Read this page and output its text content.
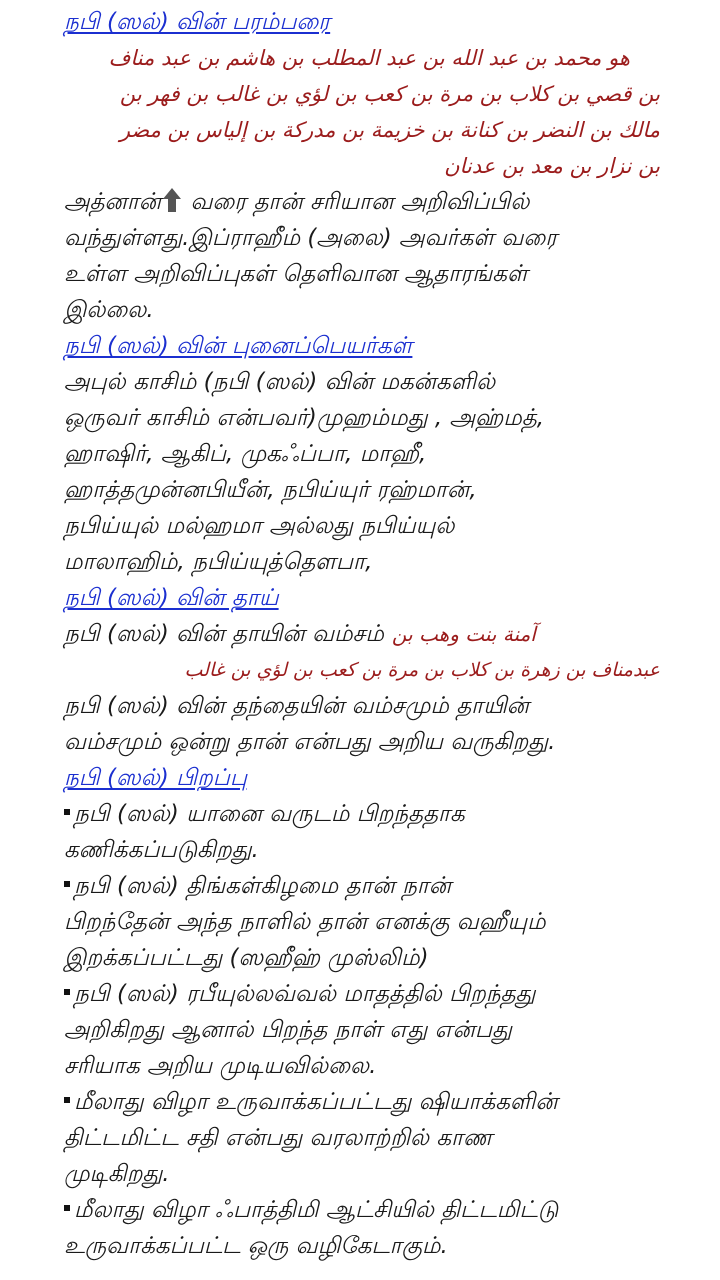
நபி (ஸல்) வின் பரம்பரை
هو محمد بن عبد الله بن عبد المطلب بن هاشم بن عبد مناف
بن قصي بن كلاب بن مرة بن كعب بن لؤي بن غالب بن فهر بن
مالك بن النضر بن كنانة بن خزيمة بن مدركة بن إلياس بن مضر
بن نزار بن معد بن عدنان
அத்னான் வரை தான் சரியான அறிவிப்பில்
வந்துள்ளது.இப்ராஹீம் (அலை) அவர்கள் வரை
உள்ள அறிவிப்புகள் தெளிவான ஆதாரங்கள்
இல்லை.
நபி (ஸல்) வின் புனைப்பெயர்கள்
அபுல் காசிம் (நபி (ஸல்) வின் மகன்களில்
ஒருவர் காசிம் என்பவர்)முஹம்மது , அஹ்மத்,
ஹாஷிர், ஆகிப், முகஃப்பா, மாஹீ,
ஹாத்தமுன்னபியீன், நபிய்யுர் ரஹ்மான்,
நபிய்யுல் மல்ஹமா அல்லது நபிய்யுல்
மாலாஹிம், நபிய்யுத்தௌபா,
நபி (ஸல்) வின் தாய்
நபி (ஸல்) வின் தாயின் வம்சம் آمنة بنت وهب بن
عبدمناف بن زهرة بن كلاب بن مرة بن كعب بن لؤي بن غالب
நபி (ஸல்) வின் தந்தையின் வம்சமும் தாயின்
வம்சமும் ஒன்று தான் என்பது அறிய வருகிறது.
நபி (ஸல்) பிறப்பு
நபி (ஸல்) யானை வருடம் பிறந்ததாக
கணிக்கப்படுகிறது.
நபி (ஸல்) திங்கள்கிழமை தான் நான்
பிறந்தேன் அந்த நாளில் தான் எனக்கு வஹீயும்
இறக்கப்பட்டது (ஸஹீஹ் முஸ்லிம்)
நபி (ஸல்) ரபீயுல்லவ்வல் மாதத்தில் பிறந்தது
அறிகிறது ஆனால் பிறந்த நாள் எது என்பது
சரியாக அறிய முடியவில்லை.
மீலாது விழா உருவாக்கப்பட்டது ஷியாக்களின்
திட்டமிட்ட சதி என்பது வரலாற்றில் காண
முடிகிறது.
மீலாது விழா ஃபாத்திமி ஆட்சியில் திட்டமிட்டு
உருவாக்கப்பட்ட ஒரு வழிகேடாகும்.
